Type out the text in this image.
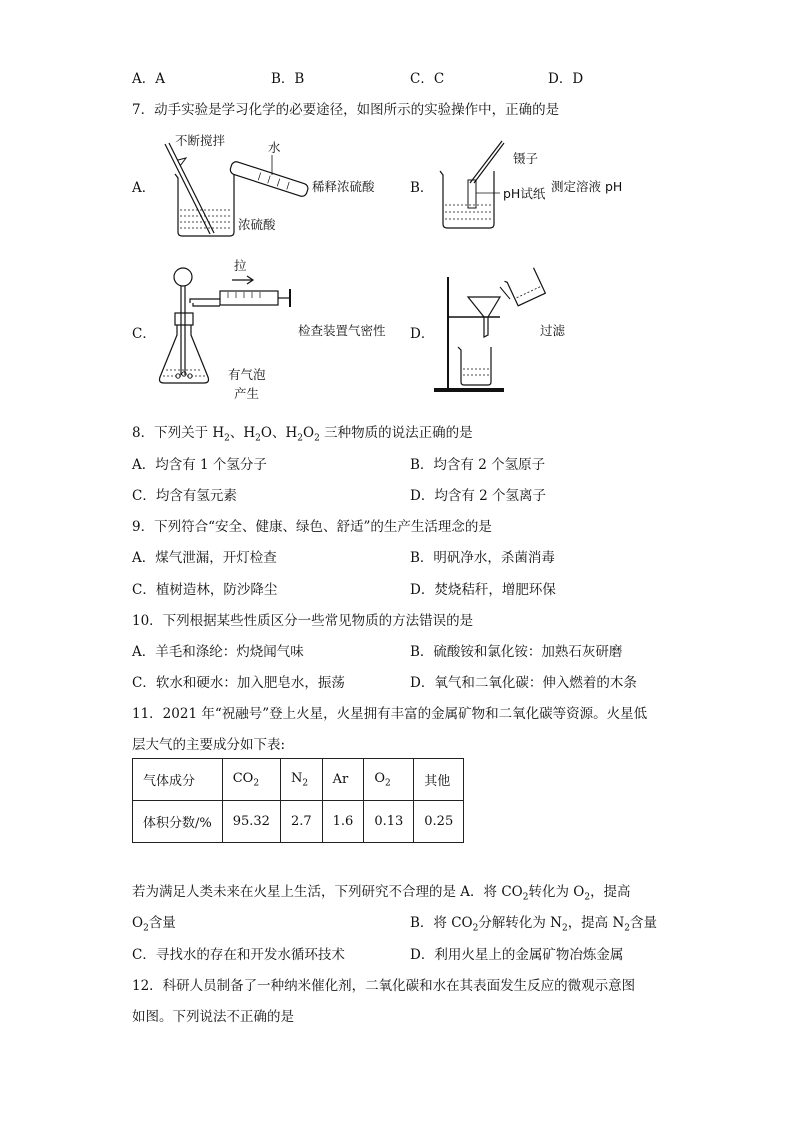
A．A	B．B	C．C	D．D
7．动手实验是学习化学的必要途径，如图所示的实验操作中，正确的是
A．
不断搅拌	水
稀释浓硫酸
浓硫酸
B．
镊子
测定溶液 pH
pH试纸
C．
拉
检查装置气密性
有气泡
产生
D．	过滤
8．下列关于 $H_2$、$H_2O$、$H_2O_2$ 三种物质的说法正确的是
A．均含有 1 个氢分子	B．均含有 2 个氢原子
C．均含有氢元素	D．均含有 2 个氢离子
9．下列符合“安全、健康、绿色、舒适”的生产生活理念的是
A．煤气泄漏，开灯检查	B．明矾净水，杀菌消毒
C．植树造林，防沙降尘	D．焚烧秸秆，增肥环保
10．下列根据某些性质区分一些常见物质的方法错误的是
A．羊毛和涤纶：灼烧闻气味	B．硫酸铵和氯化铵：加熟石灰研磨
C．软水和硬水：加入肥皂水，振荡	D．氧气和二氧化碳：伸入燃着的木条
11．2021 年“祝融号”登上火星，火星拥有丰富的金属矿物和二氧化碳等资源。火星低
层大气的主要成分如下表:
气体成分	$CO_2$	$N_2$	Ar	$O_2$	其他
体积分数/%	95.32	2.7	1.6	0.13	0.25
若为满足人类未来在火星上生活，下列研究不合理的是 A．将 $CO_2$转化为 $O_2$，提高
$O_2$含量	B．将 $CO_2$分解转化为 $N_2$，提高 $N_2$含量
C．寻找水的存在和开发水循环技术	D．利用火星上的金属矿物冶炼金属
12．科研人员制备了一种纳米催化剂，二氧化碳和水在其表面发生反应的微观示意图
如图。下列说法不正确的是
